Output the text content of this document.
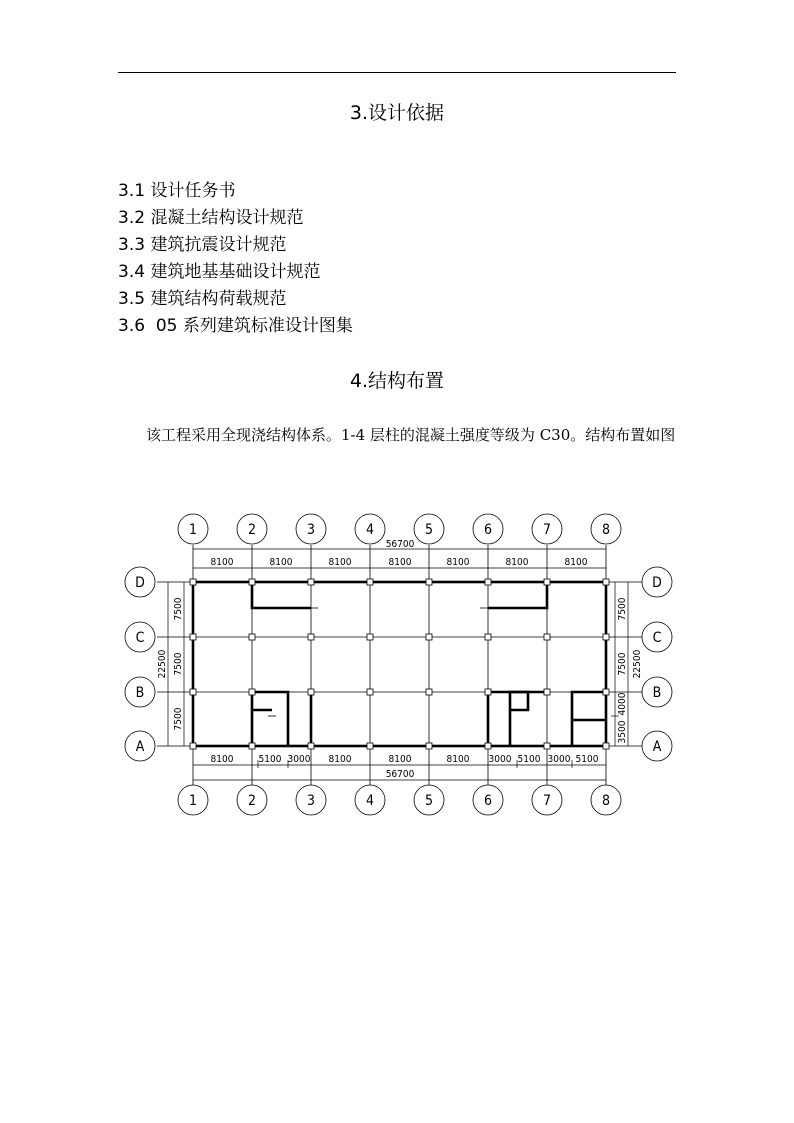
3.设计依据
3.1 设计任务书
3.2 混凝土结构设计规范
3.3 建筑抗震设计规范
3.4 建筑地基基础设计规范
3.5 建筑结构荷载规范
3.6  05 系列建筑标准设计图集
4.结构布置
该工程采用全现浇结构体系。1-4 层柱的混凝土强度等级为 C30。结构布置如图
1	2	3	4	5	6	7	8
1	2	3	4	5	6	7	8
D
C
B
A
D
C
B
A
56700
8100	8100	8100	8100	8100	8100	8100
8100	5100 3000 8100	8100	8100 3000 5100 3000 5100
56700
7500
7500
7500
22500
7500
7500
4000
3500
22500
